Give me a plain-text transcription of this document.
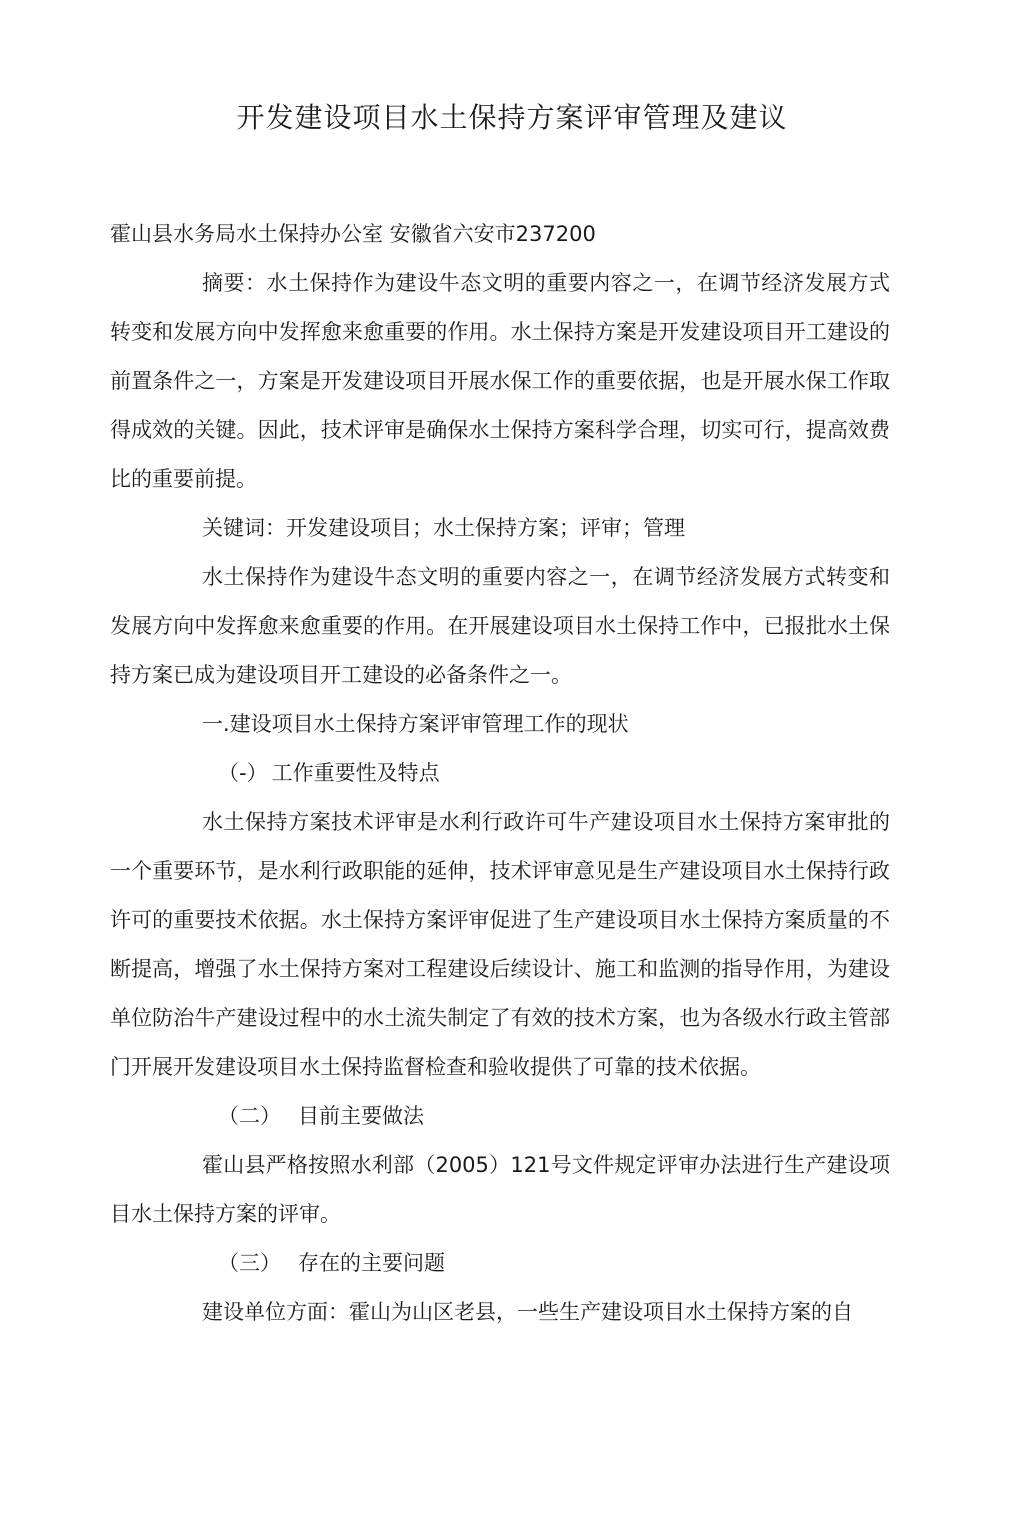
开发建设项目水土保持方案评审管理及建议

霍山县水务局水土保持办公室 安徽省六安市237200

摘要：水土保持作为建设牛态文明的重要内容之一，在调节经济发展方式转变和发展方向中发挥愈来愈重要的作用。水土保持方案是开发建设项目开工建设的前置条件之一，方案是开发建设项目开展水保工作的重要依据，也是开展水保工作取得成效的关键。因此，技术评审是确保水土保持方案科学合理，切实可行，提高效费比的重要前提。

关键词：开发建设项目；水土保持方案；评审；管理

水土保持作为建设牛态文明的重要内容之一，在调节经济发展方式转变和发展方向中发挥愈来愈重要的作用。在开展建设项目水土保持工作中，已报批水土保持方案已成为建设项目开工建设的必备条件之一。

一.建设项目水土保持方案评审管理工作的现状

（-） 工作重要性及特点

水土保持方案技术评审是水利行政许可牛产建设项目水土保持方案审批的一个重要环节，是水利行政职能的延伸，技术评审意见是生产建设项目水土保持行政许可的重要技术依据。水土保持方案评审促进了生产建设项目水土保持方案质量的不断提高，增强了水土保持方案对工程建设后续设计、施工和监测的指导作用，为建设单位防治牛产建设过程中的水土流失制定了有效的技术方案，也为各级水行政主管部门开展开发建设项目水土保持监督检查和验收提供了可靠的技术依据。

（二） 目前主要做法

霍山县严格按照水利部（2005）121号文件规定评审办法进行生产建设项目水土保持方案的评审。

（三） 存在的主要问题

建设单位方面：霍山为山区老县，一些生产建设项目水土保持方案的自
